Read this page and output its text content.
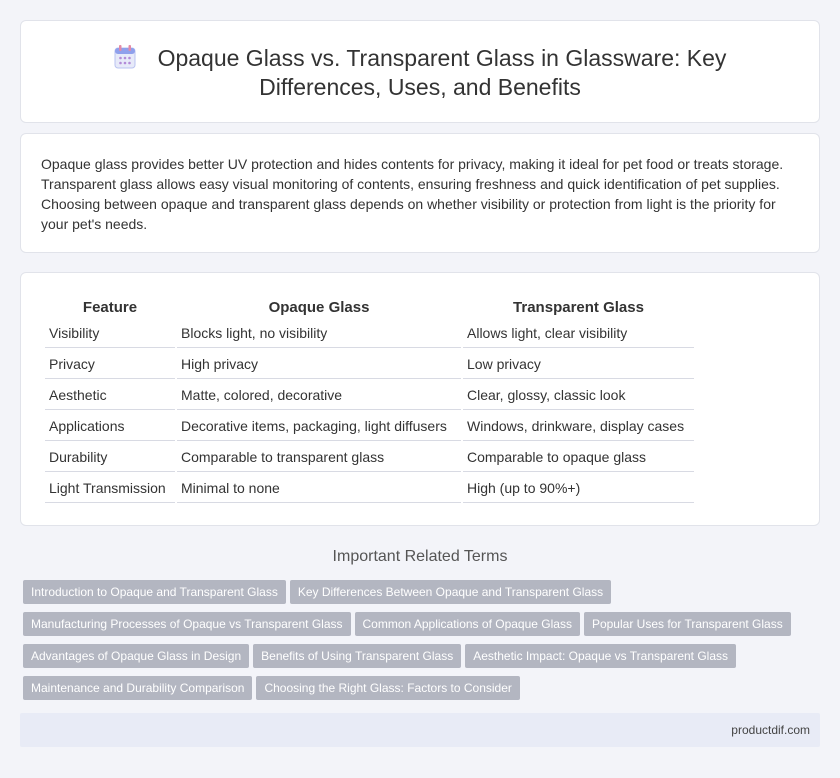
Opaque Glass vs. Transparent Glass in Glassware: Key
Differences, Uses, and Benefits

Opaque glass provides better UV protection and hides contents for privacy, making it ideal for pet food or treats storage. Transparent glass allows easy visual monitoring of contents, ensuring freshness and quick identification of pet supplies. Choosing between opaque and transparent glass depends on whether visibility or protection from light is the priority for your pet's needs.

Feature	Opaque Glass	Transparent Glass
Visibility	Blocks light, no visibility	Allows light, clear visibility
Privacy	High privacy	Low privacy
Aesthetic	Matte, colored, decorative	Clear, glossy, classic look
Applications	Decorative items, packaging, light diffusers	Windows, drinkware, display cases
Durability	Comparable to transparent glass	Comparable to opaque glass
Light Transmission	Minimal to none	High (up to 90%+)
Important Related Terms
Introduction to Opaque and Transparent Glass Key Differences Between Opaque and Transparent Glass
Manufacturing Processes of Opaque vs Transparent Glass Common Applications of Opaque Glass Popular Uses for Transparent Glass
Advantages of Opaque Glass in Design Benefits of Using Transparent Glass Aesthetic Impact: Opaque vs Transparent Glass
Maintenance and Durability Comparison Choosing the Right Glass: Factors to Consider
productdif.com
